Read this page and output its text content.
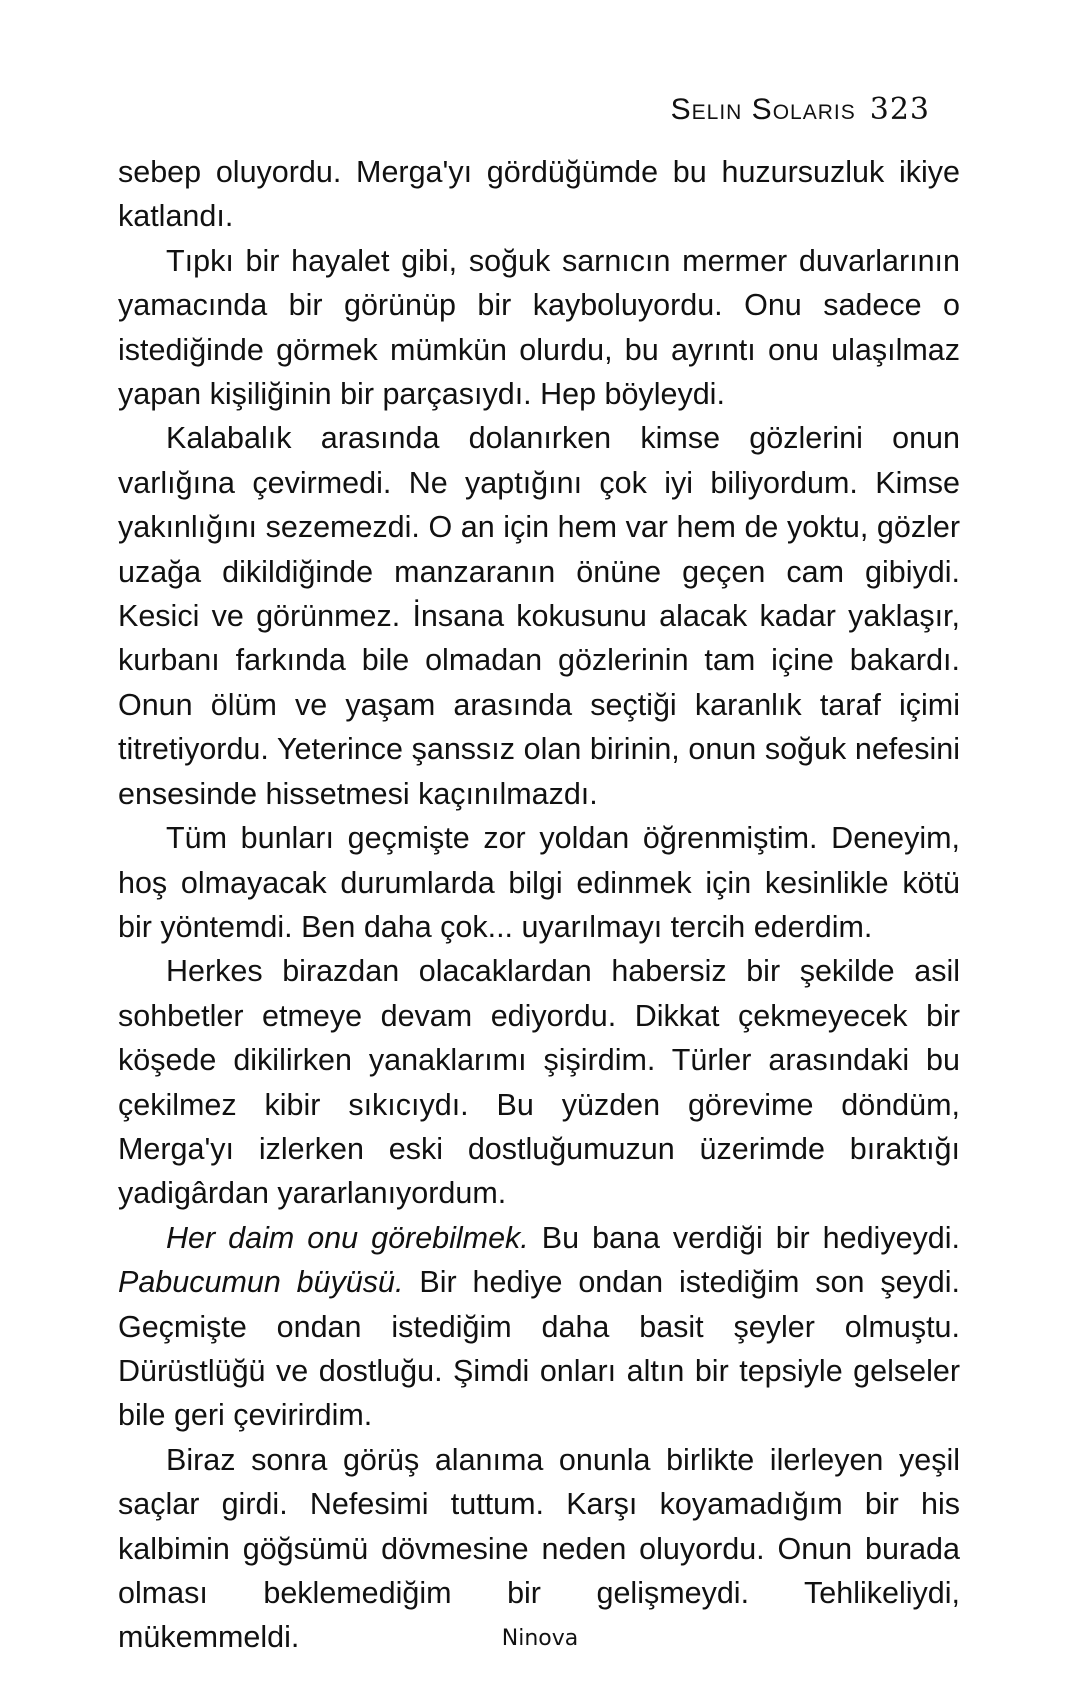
Selin Solaris 323

sebep oluyordu. Merga'yı gördüğümde bu huzursuzluk ikiye katlandı.

Tıpkı bir hayalet gibi, soğuk sarnıcın mermer duvarlarının yamacında bir görünüp bir kayboluyordu. Onu sadece o istediğinde görmek mümkün olurdu, bu ayrıntı onu ulaşılmaz yapan kişiliğinin bir parçasıydı. Hep böyleydi.

Kalabalık arasında dolanırken kimse gözlerini onun varlığına çevirmedi. Ne yaptığını çok iyi biliyordum. Kimse yakınlığını sezemezdi. O an için hem var hem de yoktu, gözler uzağa dikildiğinde manzaranın önüne geçen cam gibiydi. Kesici ve görünmez. İnsana kokusunu alacak kadar yaklaşır, kurbanı farkında bile olmadan gözlerinin tam içine bakardı. Onun ölüm ve yaşam arasında seçtiği karanlık taraf içimi titretiyordu. Yeterince şanssız olan birinin, onun soğuk nefesini ensesinde hissetmesi kaçınılmazdı.

Tüm bunları geçmişte zor yoldan öğrenmiştim. Deneyim, hoş olmayacak durumlarda bilgi edinmek için kesinlikle kötü bir yöntemdi. Ben daha çok... uyarılmayı tercih ederdim.

Herkes birazdan olacaklardan habersiz bir şekilde asil sohbetler etmeye devam ediyordu. Dikkat çekmeyecek bir köşede dikilirken yanaklarımı şişirdim. Türler arasındaki bu çekilmez kibir sıkıcıydı. Bu yüzden görevime döndüm, Merga'yı izlerken eski dostluğumuzun üzerimde bıraktığı yadigârdan yararlanıyordum.

Her daim onu görebilmek. Bu bana verdiği bir hediyeydi. Pabucumun büyüsü. Bir hediye ondan istediğim son şeydi. Geçmişte ondan istediğim daha basit şeyler olmuştu. Dürüstlüğü ve dostluğu. Şimdi onları altın bir tepsiyle gelseler bile geri çevirirdim.

Biraz sonra görüş alanıma onunla birlikte ilerleyen yeşil saçlar girdi. Nefesimi tuttum. Karşı koyamadığım bir his kalbimin göğsümü dövmesine neden oluyordu. Onun burada olması beklemediğim bir gelişmeydi. Tehlikeliydi, mükemmeldi.	Ninova
